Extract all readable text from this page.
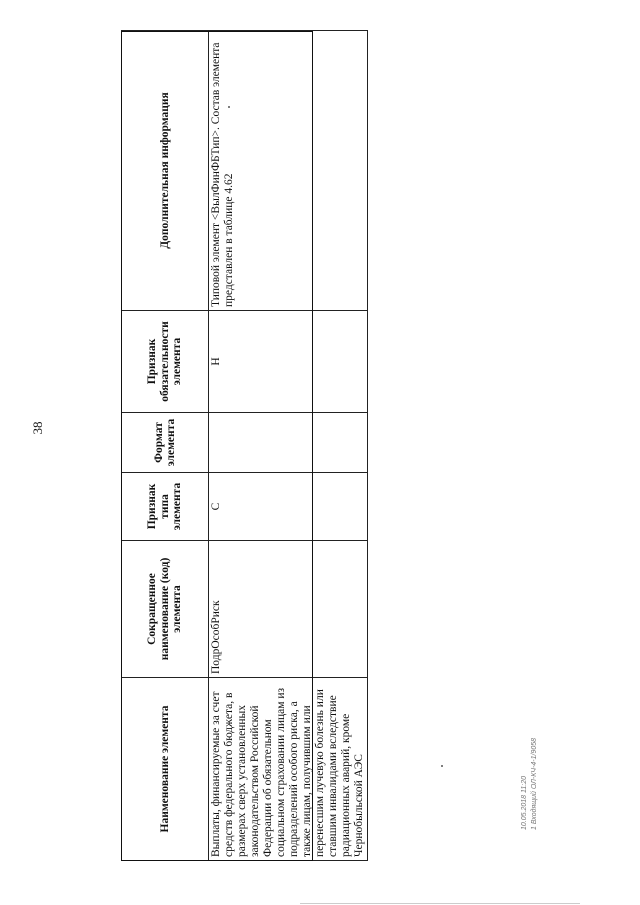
38
Наименование элемента	Сокращенное наименование (код) элемента	Признак типа элемента	Формат элемента	Признак обязательности элемента	Дополнительная информация
Выплаты, финансируемые за счет средств федерального бюджета, в размерах сверх установленных законодательством Российской Федерации об обязательном социальном страховании лицам из подразделений особого риска, а также лицам, получившим или перенесшим лучевую болезнь или ставшим инвалидами вследствие радиационных аварий, кроме Чернобыльской АЭС	ПодрОсобРиск	С		Н	Типовой элемент <ВылФинФБТип>. Состав элемента представлен в таблице 4.62
10.05.2018 11:20 1 Входящий ОЛ-КЧ-4-1/9058
